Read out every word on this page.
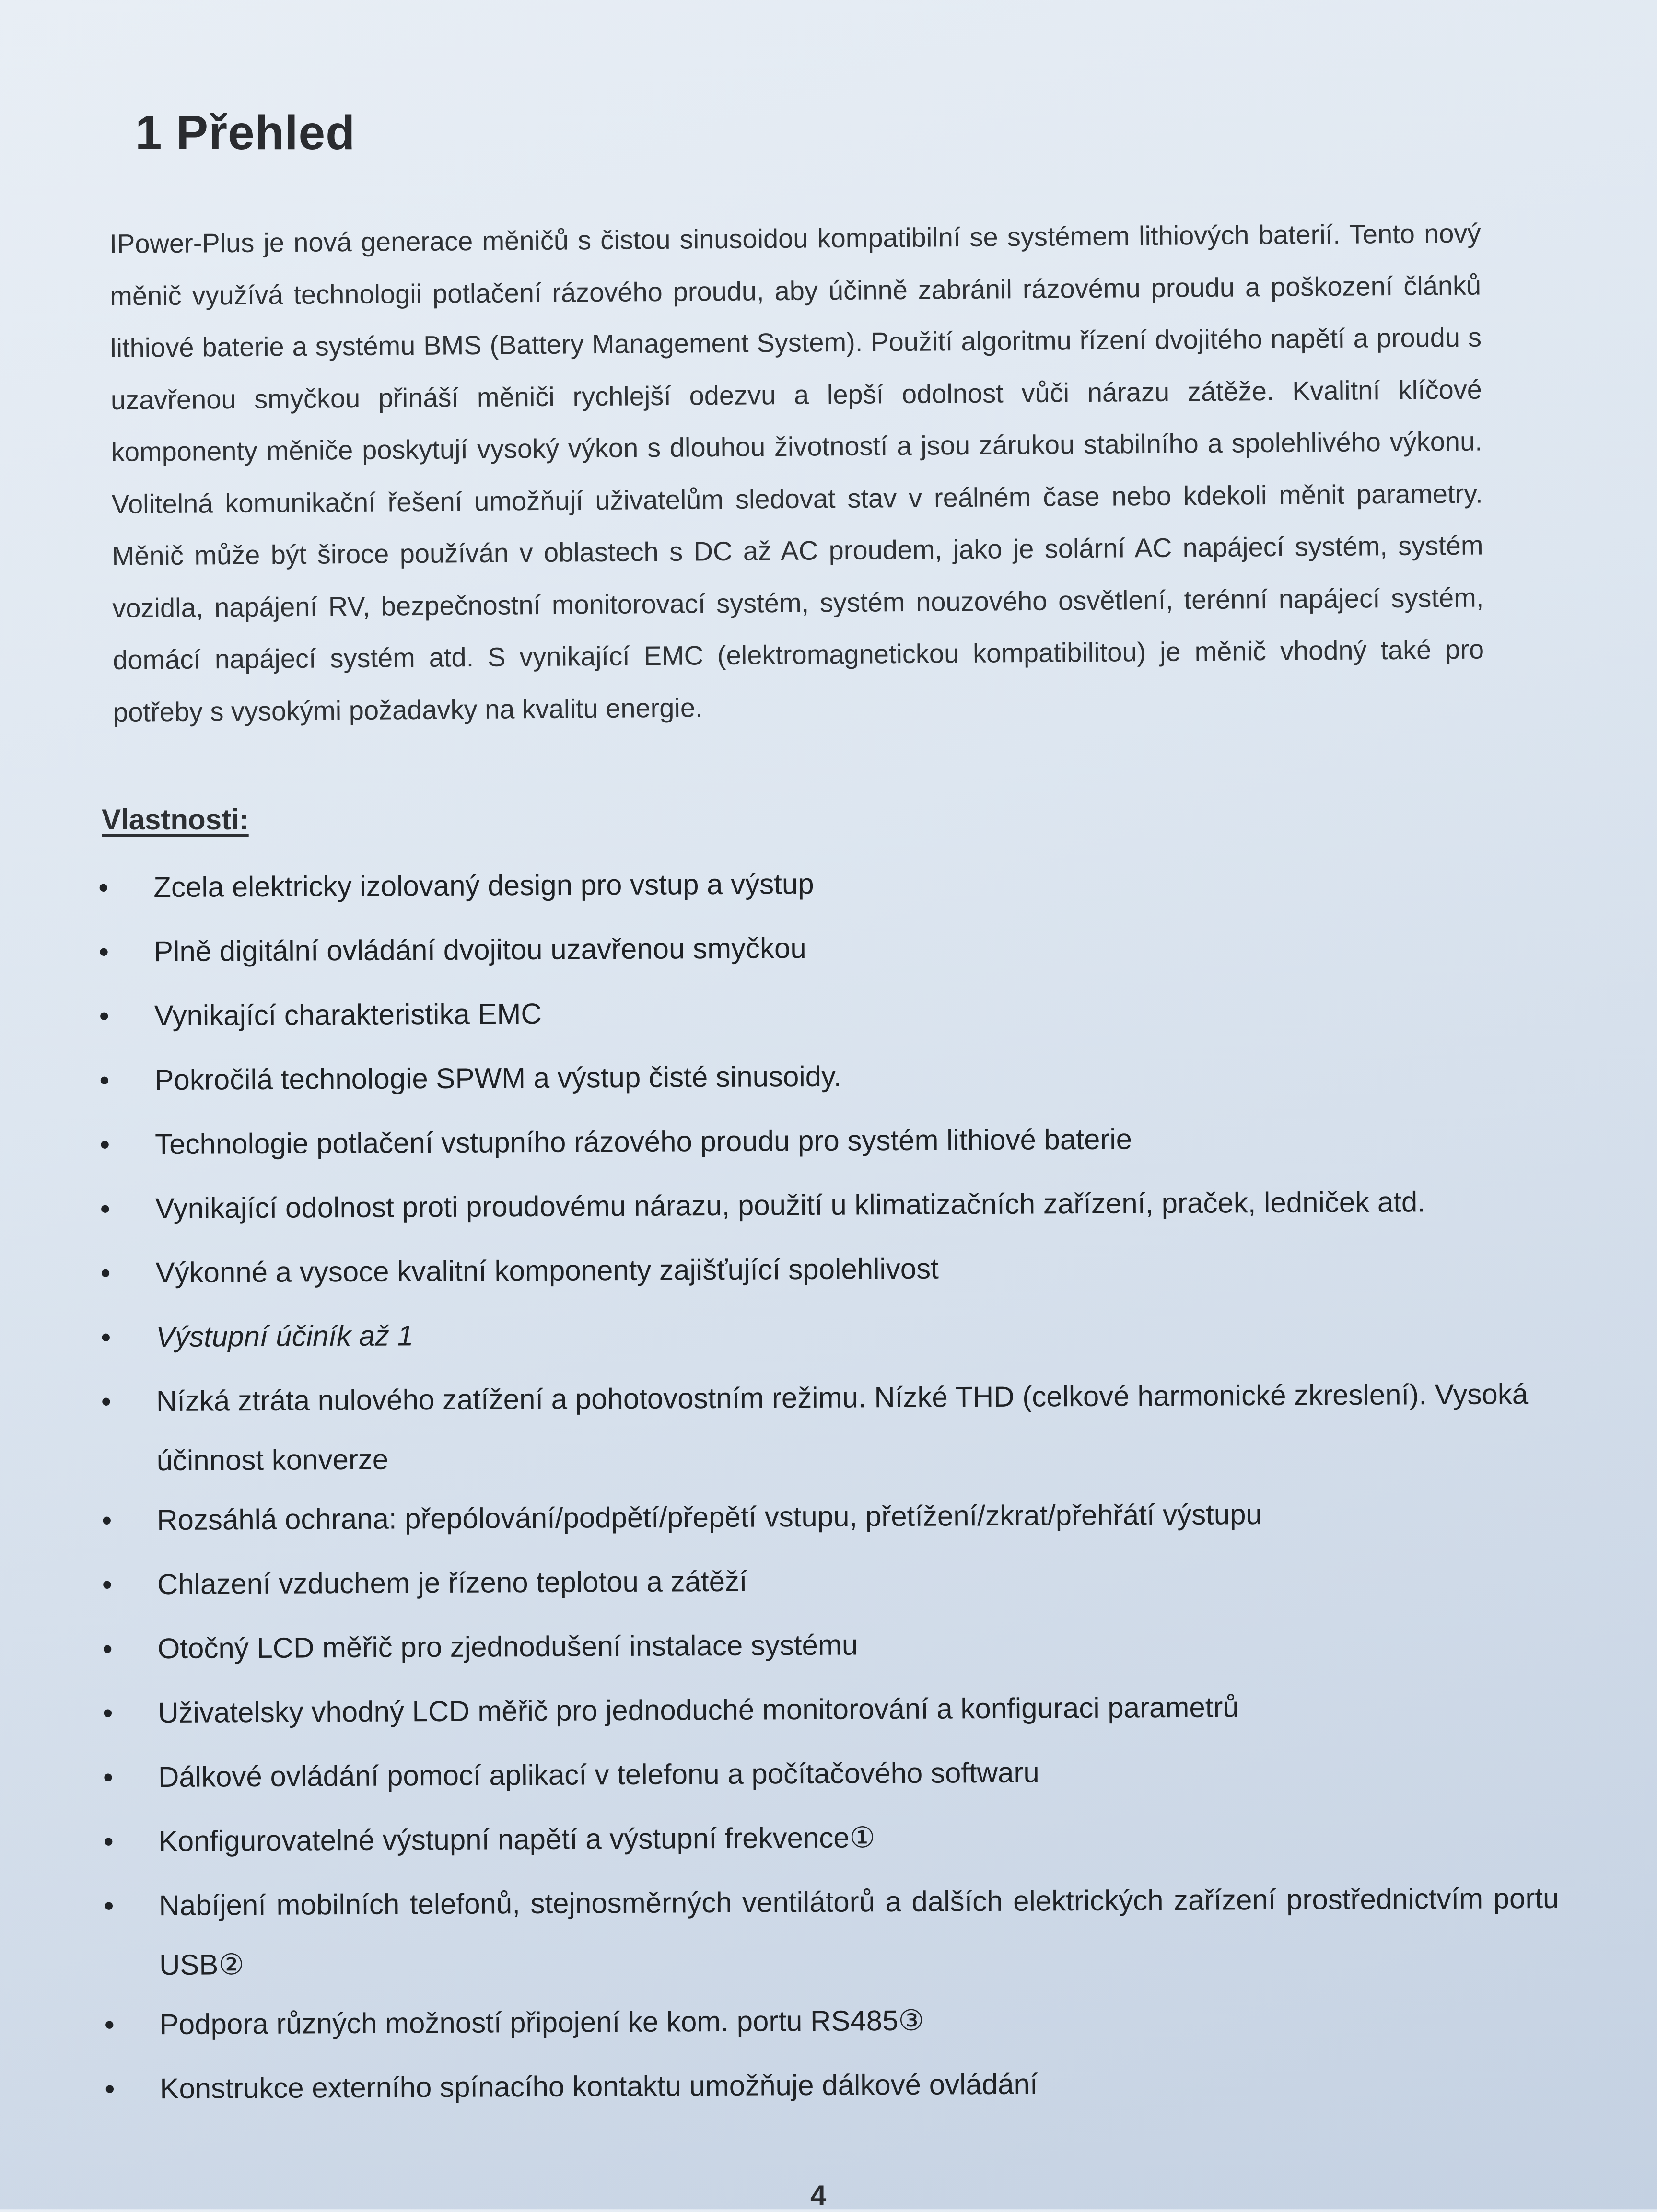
1 Přehled

IPower-Plus je nová generace měničů s čistou sinusoidou kompatibilní se systémem lithiových baterií. Tento nový měnič využívá technologii potlačení rázového proudu, aby účinně zabránil rázovému proudu a poškození článků lithiové baterie a systému BMS (Battery Management System). Použití algoritmu řízení dvojitého napětí a proudu s uzavřenou smyčkou přináší měniči rychlejší odezvu a lepší odolnost vůči nárazu zátěže. Kvalitní klíčové komponenty měniče poskytují vysoký výkon s dlouhou životností a jsou zárukou stabilního a spolehlivého výkonu. Volitelná komunikační řešení umožňují uživatelům sledovat stav v reálném čase nebo kdekoli měnit parametry. Měnič může být široce používán v oblastech s DC až AC proudem, jako je solární AC napájecí systém, systém vozidla, napájení RV, bezpečnostní monitorovací systém, systém nouzového osvětlení, terénní napájecí systém, domácí napájecí systém atd. S vynikající EMC (elektromagnetickou kompatibilitou) je měnič vhodný také pro potřeby s vysokými požadavky na kvalitu energie.

Vlastnosti:
• Zcela elektricky izolovaný design pro vstup a výstup
• Plně digitální ovládání dvojitou uzavřenou smyčkou
• Vynikající charakteristika EMC
• Pokročilá technologie SPWM a výstup čisté sinusoidy.
• Technologie potlačení vstupního rázového proudu pro systém lithiové baterie
• Vynikající odolnost proti proudovému nárazu, použití u klimatizačních zařízení, praček, ledniček atd.
• Výkonné a vysoce kvalitní komponenty zajišťující spolehlivost
• Výstupní účiník až 1
• Nízká ztráta nulového zatížení a pohotovostním režimu. Nízké THD (celkové harmonické zkreslení). Vysoká účinnost konverze
• Rozsáhlá ochrana: přepólování/podpětí/přepětí vstupu, přetížení/zkrat/přehřátí výstupu
• Chlazení vzduchem je řízeno teplotou a zátěží
• Otočný LCD měřič pro zjednodušení instalace systému
• Uživatelsky vhodný LCD měřič pro jednoduché monitorování a konfiguraci parametrů
• Dálkové ovládání pomocí aplikací v telefonu a počítačového softwaru
• Konfigurovatelné výstupní napětí a výstupní frekvence①
• Nabíjení mobilních telefonů, stejnosměrných ventilátorů a dalších elektrických zařízení prostřednictvím portu USB②
• Podpora různých možností připojení ke kom. portu RS485③
• Konstrukce externího spínacího kontaktu umožňuje dálkové ovládání
4
